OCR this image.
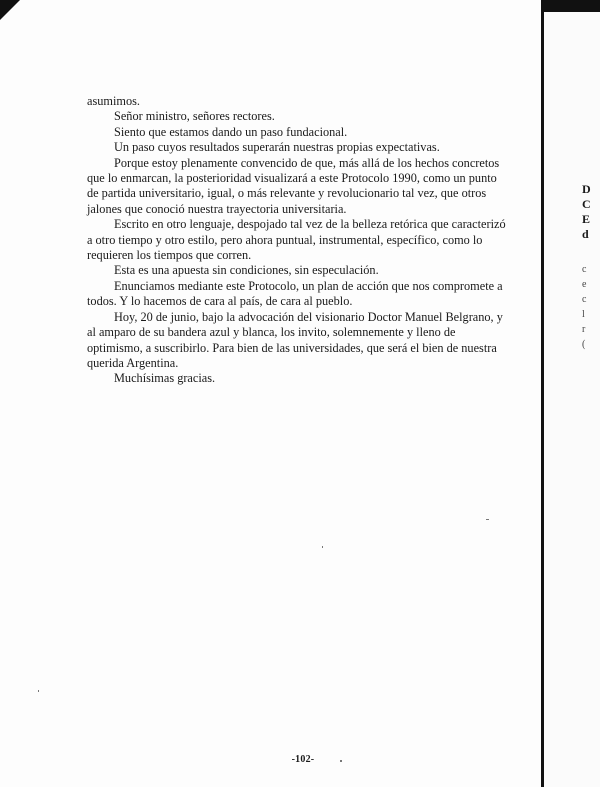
asumimos.

Señor ministro, señores rectores.

Siento que estamos dando un paso fundacional.

Un paso cuyos resultados superarán nuestras propias expectativas.

Porque estoy plenamente convencido de que, más allá de los hechos concretos que lo enmarcan, la posterioridad visualizará a este Protocolo 1990, como un punto de partida universitario, igual, o más relevante y revolucionario tal vez, que otros jalones que conoció nuestra trayectoria universitaria.

Escrito en otro lenguaje, despojado tal vez de la belleza retórica que caracterizó a otro tiempo y otro estilo, pero ahora puntual, instrumental, específico, como lo requieren los tiempos que corren.

Esta es una apuesta sin condiciones, sin especulación.

Enunciamos mediante este Protocolo, un plan de acción que nos compromete a todos. Y lo hacemos de cara al país, de cara al pueblo.

Hoy, 20 de junio, bajo la advocación del visionario Doctor Manuel Belgrano, y al amparo de su bandera azul y blanca, los invito, solemnemente y lleno de optimismo, a suscribirlo. Para bien de las universidades, que será el bien de nuestra querida Argentina.

Muchísimas gracias.

-102-
D
C
E
d
c
e
c
l
r
(
